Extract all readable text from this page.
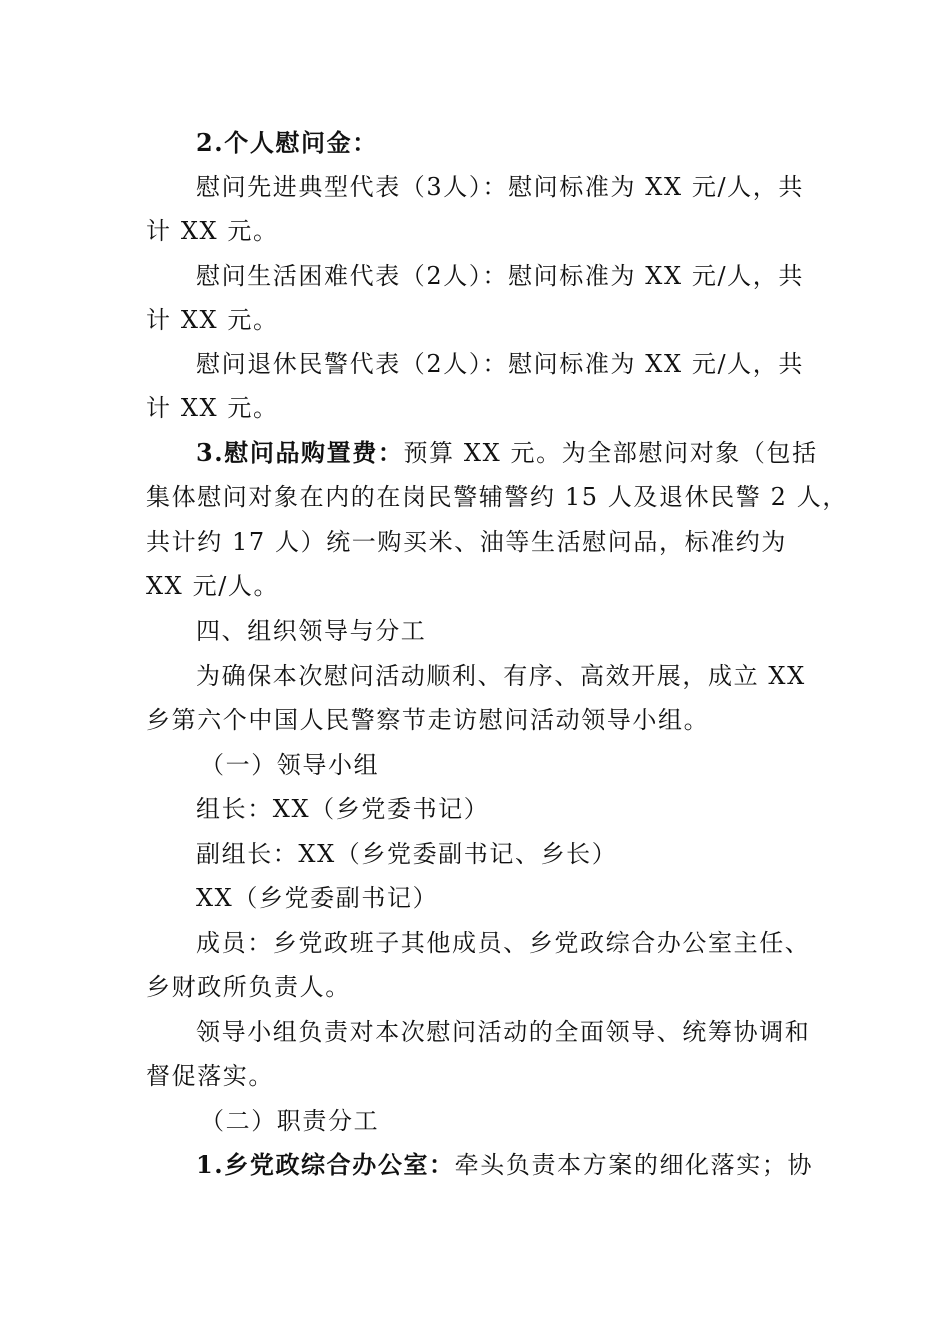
2.个人慰问金：
慰问先进典型代表（3人）：慰问标准为 XX 元/人，共
计 XX 元。
慰问生活困难代表（2人）：慰问标准为 XX 元/人，共
计 XX 元。
慰问退休民警代表（2人）：慰问标准为 XX 元/人，共
计 XX 元。
3.慰问品购置费：预算 XX 元。为全部慰问对象（包括
集体慰问对象在内的在岗民警辅警约 15 人及退休民警 2 人，
共计约 17 人）统一购买米、油等生活慰问品，标准约为
XX 元/人。
四、组织领导与分工
为确保本次慰问活动顺利、有序、高效开展，成立 XX
乡第六个中国人民警察节走访慰问活动领导小组。
（一）领导小组
组长：XX（乡党委书记）
副组长：XX（乡党委副书记、乡长）
XX（乡党委副书记）
成员：乡党政班子其他成员、乡党政综合办公室主任、
乡财政所负责人。
领导小组负责对本次慰问活动的全面领导、统筹协调和
督促落实。
（二）职责分工
1.乡党政综合办公室：牵头负责本方案的细化落实；协
